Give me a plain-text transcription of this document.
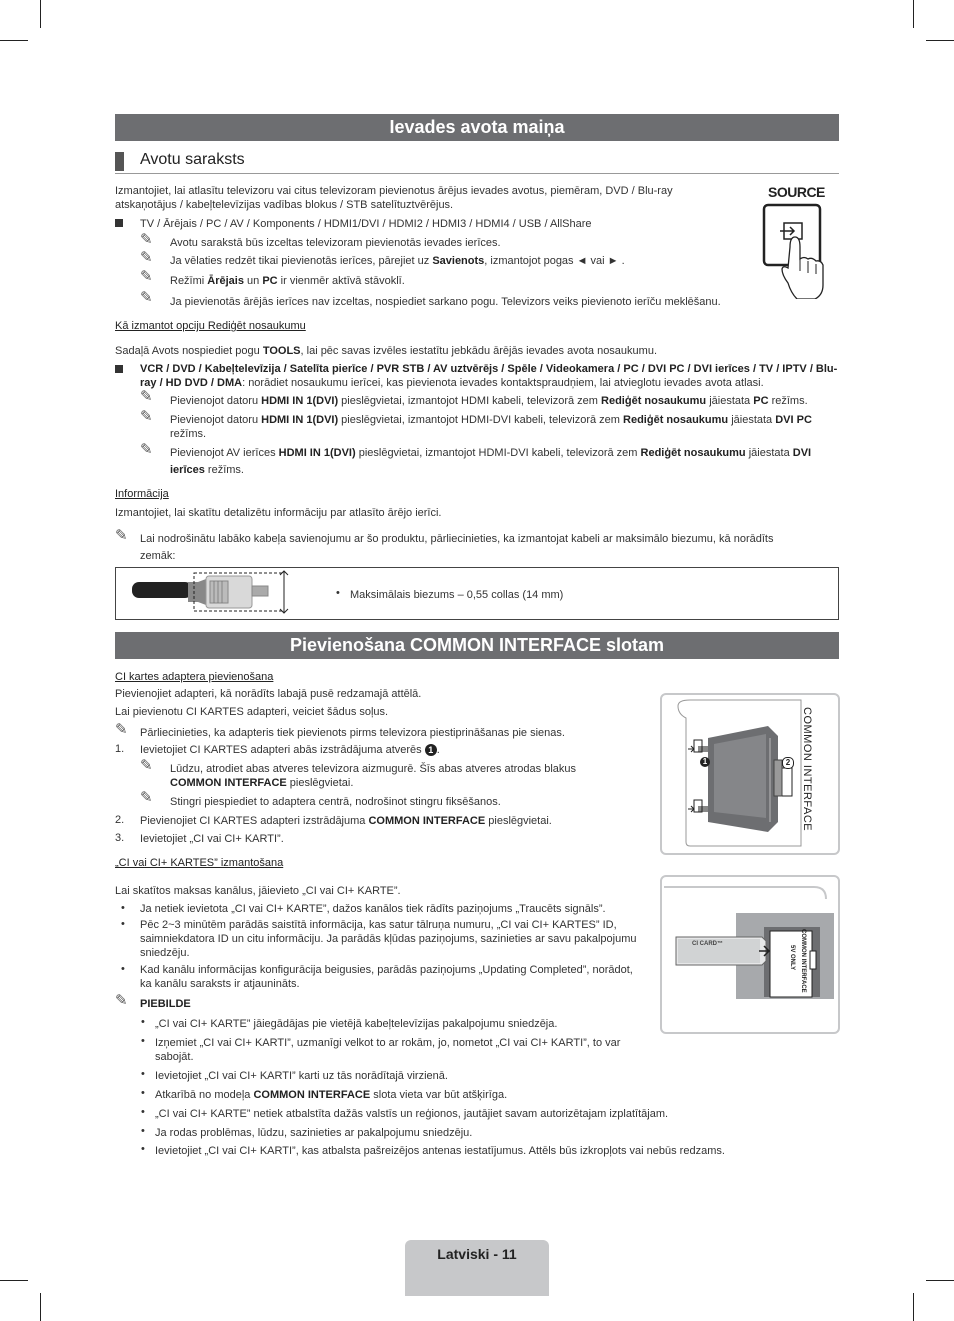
Ievades avota maiņa
Avotu saraksts
Izmantojiet, lai atlasītu televizoru vai citus televizoram pievienotus ārējus ievades avotus, piemēram, DVD / Blu-ray
atskaņotājus / kabeļtelevīzijas vadības blokus / STB satelītuztvērējus.
TV / Ārējais / PC / AV / Komponents / HDMI1/DVI / HDMI2 / HDMI3 / HDMI4 / USB / AllShare
✎ Avotu sarakstā būs izceltas televizoram pievienotās ievades ierīces.
✎ Ja vēlaties redzēt tikai pievienotās ierīces, pārejiet uz Savienots, izmantojot pogas ◄ vai ► .
✎ Režīmi Ārējais un PC ir vienmēr aktīvā stāvoklī.
✎ Ja pievienotās ārējās ierīces nav izceltas, nospiediet sarkano pogu. Televizors veiks pievienoto ierīču meklēšanu.
SOURCE
Kā izmantot opciju Rediģēt nosaukumu
Sadaļā Avots nospiediet pogu TOOLS, lai pēc savas izvēles iestatītu jebkādu ārējās ievades avota nosaukumu.
VCR / DVD / Kabeļtelevīzija / Satelīta pierīce / PVR STB / AV uztvērējs / Spēle / Videokamera / PC / DVI PC / DVI ierīces / TV / IPTV / Blu-
ray / HD DVD / DMA: norādiet nosaukumu ierīcei, kas pievienota ievades kontaktspraudņiem, lai atvieglotu ievades avota atlasi.
✎ Pievienojot datoru HDMI IN 1(DVI) pieslēgvietai, izmantojot HDMI kabeli, televizorā zem Rediģēt nosaukumu jāiestata PC režīms.
✎ Pievienojot datoru HDMI IN 1(DVI) pieslēgvietai, izmantojot HDMI-DVI kabeli, televizorā zem Rediģēt nosaukumu jāiestata DVI PC
režīms.
✎ Pievienojot AV ierīces HDMI IN 1(DVI) pieslēgvietai, izmantojot HDMI-DVI kabeli, televizorā zem Rediģēt nosaukumu jāiestata DVI
ierīces režīms.
Informācija
Izmantojiet, lai skatītu detalizētu informāciju par atlasīto ārējo ierīci.
✎ Lai nodrošinātu labāko kabeļa savienojumu ar šo produktu, pārliecinieties, ka izmantojat kabeli ar maksimālo biezumu, kā norādīts
zemāk:
• Maksimālais biezums – 0,55 collas (14 mm)
Pievienošana COMMON INTERFACE slotam
CI kartes adaptera pievienošana
Pievienojiet adapteri, kā norādīts labajā pusē redzamajā attēlā.
Lai pievienotu CI KARTES adapteri, veiciet šādus soļus.
✎ Pārliecinieties, ka adapteris tiek pievienots pirms televizora piestiprināšanas pie sienas.
1. Ievietojiet CI KARTES adapteri abās izstrādājuma atverēs 1 .
✎ Lūdzu, atrodiet abas atveres televizora aizmugurē. Šīs abas atveres atrodas blakus
COMMON INTERFACE pieslēgvietai.
✎ Stingri piespiediet to adaptera centrā, nodrošinot stingru fiksēšanos.
2. Pievienojiet CI KARTES adapteri izstrādājuma COMMON INTERFACE pieslēgvietai.
3. Ievietojiet „CI vai CI+ KARTI”.
1	2 COMMON INTERFACE
„CI vai CI+ KARTES” izmantošana
Lai skatītos maksas kanālus, jāievieto „CI vai CI+ KARTE”.
• Ja netiek ievietota „CI vai CI+ KARTE”, dažos kanālos tiek rādīts paziņojums „Traucēts signāls”.
• Pēc 2~3 minūtēm parādās saistītā informācija, kas satur tālruņa numuru, „CI vai CI+ KARTES” ID,
saimniekdatora ID un citu informāciju. Ja parādās kļūdas paziņojums, sazinieties ar savu pakalpojumu
sniedzēju.
• Kad kanālu informācijas konfigurācija beigusies, parādās paziņojums „Updating Completed”, norādot,
ka kanālu saraksts ir atjaunināts.
CI CARD™	COMMON INTERFACE
5V ONLY
✎ PIEBILDE
• „CI vai CI+ KARTE” jāiegādājas pie vietējā kabeļtelevīzijas pakalpojumu sniedzēja.
• Izņemiet „CI vai CI+ KARTI”, uzmanīgi velkot to ar rokām, jo, nometot „CI vai CI+ KARTI”, to var
sabojāt.
• Ievietojiet „CI vai CI+ KARTI” karti uz tās norādītajā virzienā.
• Atkarībā no modeļa COMMON INTERFACE slota vieta var būt atšķirīga.
• „CI vai CI+ KARTE” netiek atbalstīta dažās valstīs un reģionos, jautājiet savam autorizētajam izplatītājam.
• Ja rodas problēmas, lūdzu, sazinieties ar pakalpojumu sniedzēju.
• Ievietojiet „CI vai CI+ KARTI”, kas atbalsta pašreizējos antenas iestatījumus. Attēls būs izkropļots vai nebūs redzams.
Latviski - 11
